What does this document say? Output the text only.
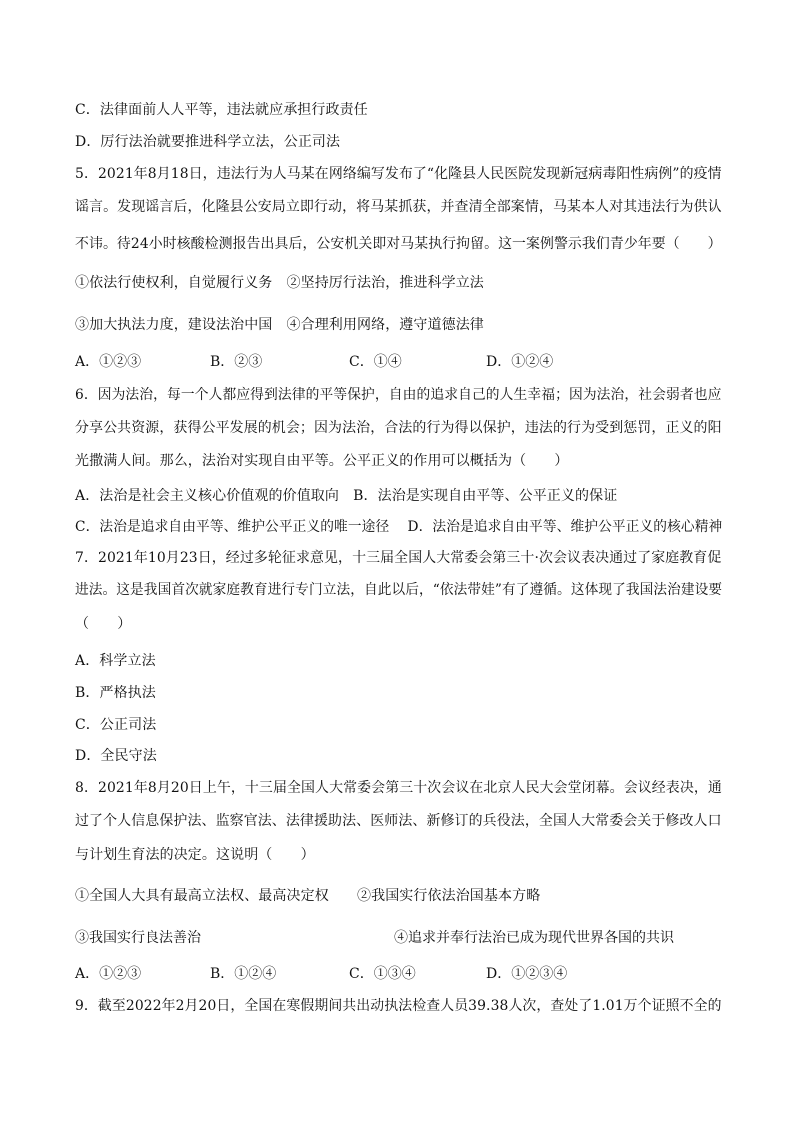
C．法律面前人人平等，违法就应承担行政责任
D．厉行法治就要推进科学立法，公正司法
5．2021年8月18日，违法行为人马某在网络编写发布了“化隆县人民医院发现新冠病毒阳性病例”的疫情
谣言。发现谣言后，化隆县公安局立即行动，将马某抓获，并查清全部案情，马某本人对其违法行为供认
不讳。待24小时核酸检测报告出具后，公安机关即对马某执行拘留。这一案例警示我们青少年要（　　）
①依法行使权利，自觉履行义务　②坚持厉行法治，推进科学立法
③加大执法力度，建设法治中国　④合理利用网络，遵守道德法律
A．①②③	B．②③	C．①④	D．①②④
6．因为法治，每一个人都应得到法律的平等保护，自由的追求自己的人生幸福；因为法治，社会弱者也应
分享公共资源，获得公平发展的机会；因为法治，合法的行为得以保护，违法的行为受到惩罚，正义的阳
光撒满人间。那么，法治对实现自由平等。公平正义的作用可以概括为（　　）
A．法治是社会主义核心价值观的价值取向　B．法治是实现自由平等、公平正义的保证
C．法治是追求自由平等、维护公平正义的唯一途径　 D．法治是追求自由平等、维护公平正义的核心精神
7．2021年10月23日，经过多轮征求意见，十三届全国人大常委会第三十·次会议表决通过了家庭教育促
进法。这是我国首次就家庭教育进行专门立法，自此以后，“依法带娃”有了遵循。这体现了我国法治建设要
（　　）
A．科学立法
B．严格执法
C．公正司法
D．全民守法
8．2021年8月20日上午，十三届全国人大常委会第三十次会议在北京人民大会堂闭幕。会议经表决，通
过了个人信息保护法、监察官法、法律援助法、医师法、新修订的兵役法，全国人大常委会关于修改人口
与计划生育法的决定。这说明（　　）
①全国人大具有最高立法权、最高决定权　　②我国实行依法治国基本方略
③我国实行良法善治	④追求并奉行法治已成为现代世界各国的共识
A．①②③	B．①②④	C．①③④	D．①②③④
9．截至2022年2月20日，全国在寒假期间共出动执法检查人员39.38人次，查处了1.01万个证照不全的
